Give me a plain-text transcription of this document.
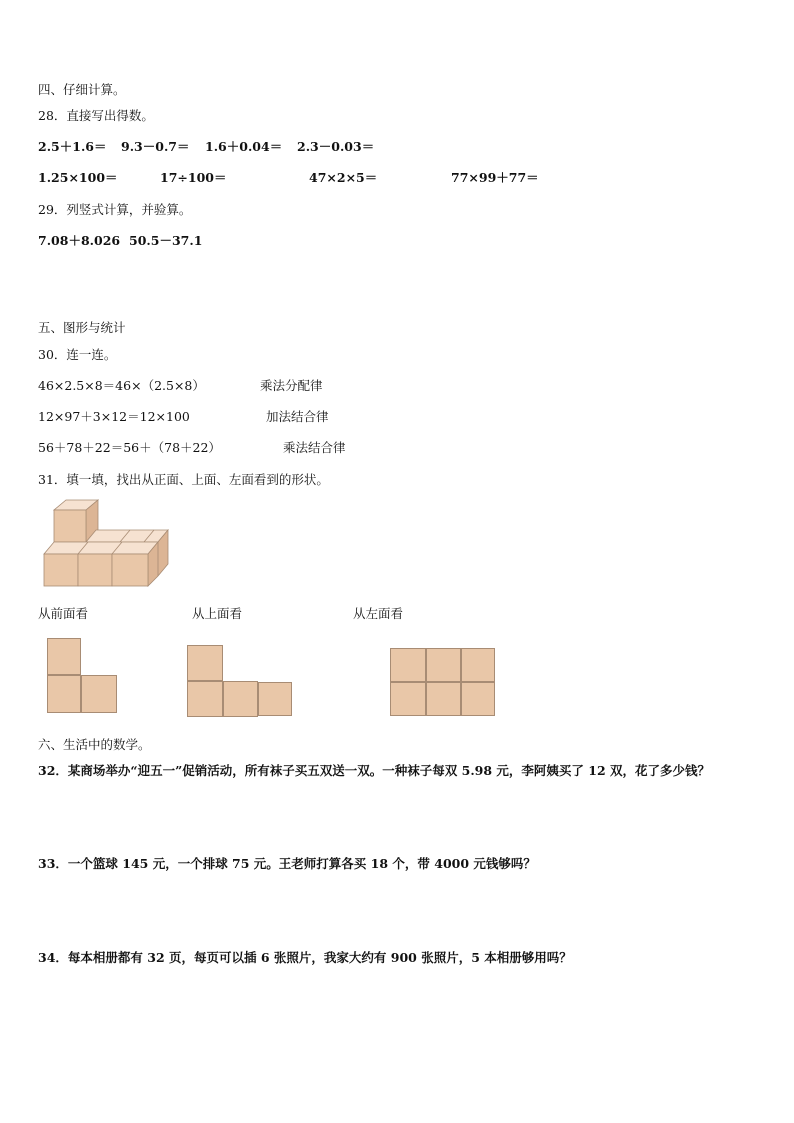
四、仔细计算。
28．直接写出得数。
2.5＋1.6＝ 9.3－0.7＝ 1.6＋0.04＝ 2.3－0.03＝
1.25×100＝	17÷100＝	47×2×5＝	77×99＋77＝
29．列竖式计算，并验算。
7.08＋8.026 50.5－37.1
五、图形与统计
30．连一连。
46×2.5×8＝46×（2.5×8）
12×97＋3×12＝12×100
56＋78＋22＝56＋（78＋22）
乘法分配律
加法结合律
乘法结合律
31．填一填，找出从正面、上面、左面看到的形状。
从前面看	从上面看	从左面看
六、生活中的数学。
32．某商场举办“迎五一”促销活动，所有袜子买五双送一双。一种袜子每双 5.98 元，李阿姨买了 12 双，花了多少钱？
33．一个篮球 145 元，一个排球 75 元。王老师打算各买 18 个，带 4000 元钱够吗？
34．每本相册都有 32 页，每页可以插 6 张照片，我家大约有 900 张照片，5 本相册够用吗？
